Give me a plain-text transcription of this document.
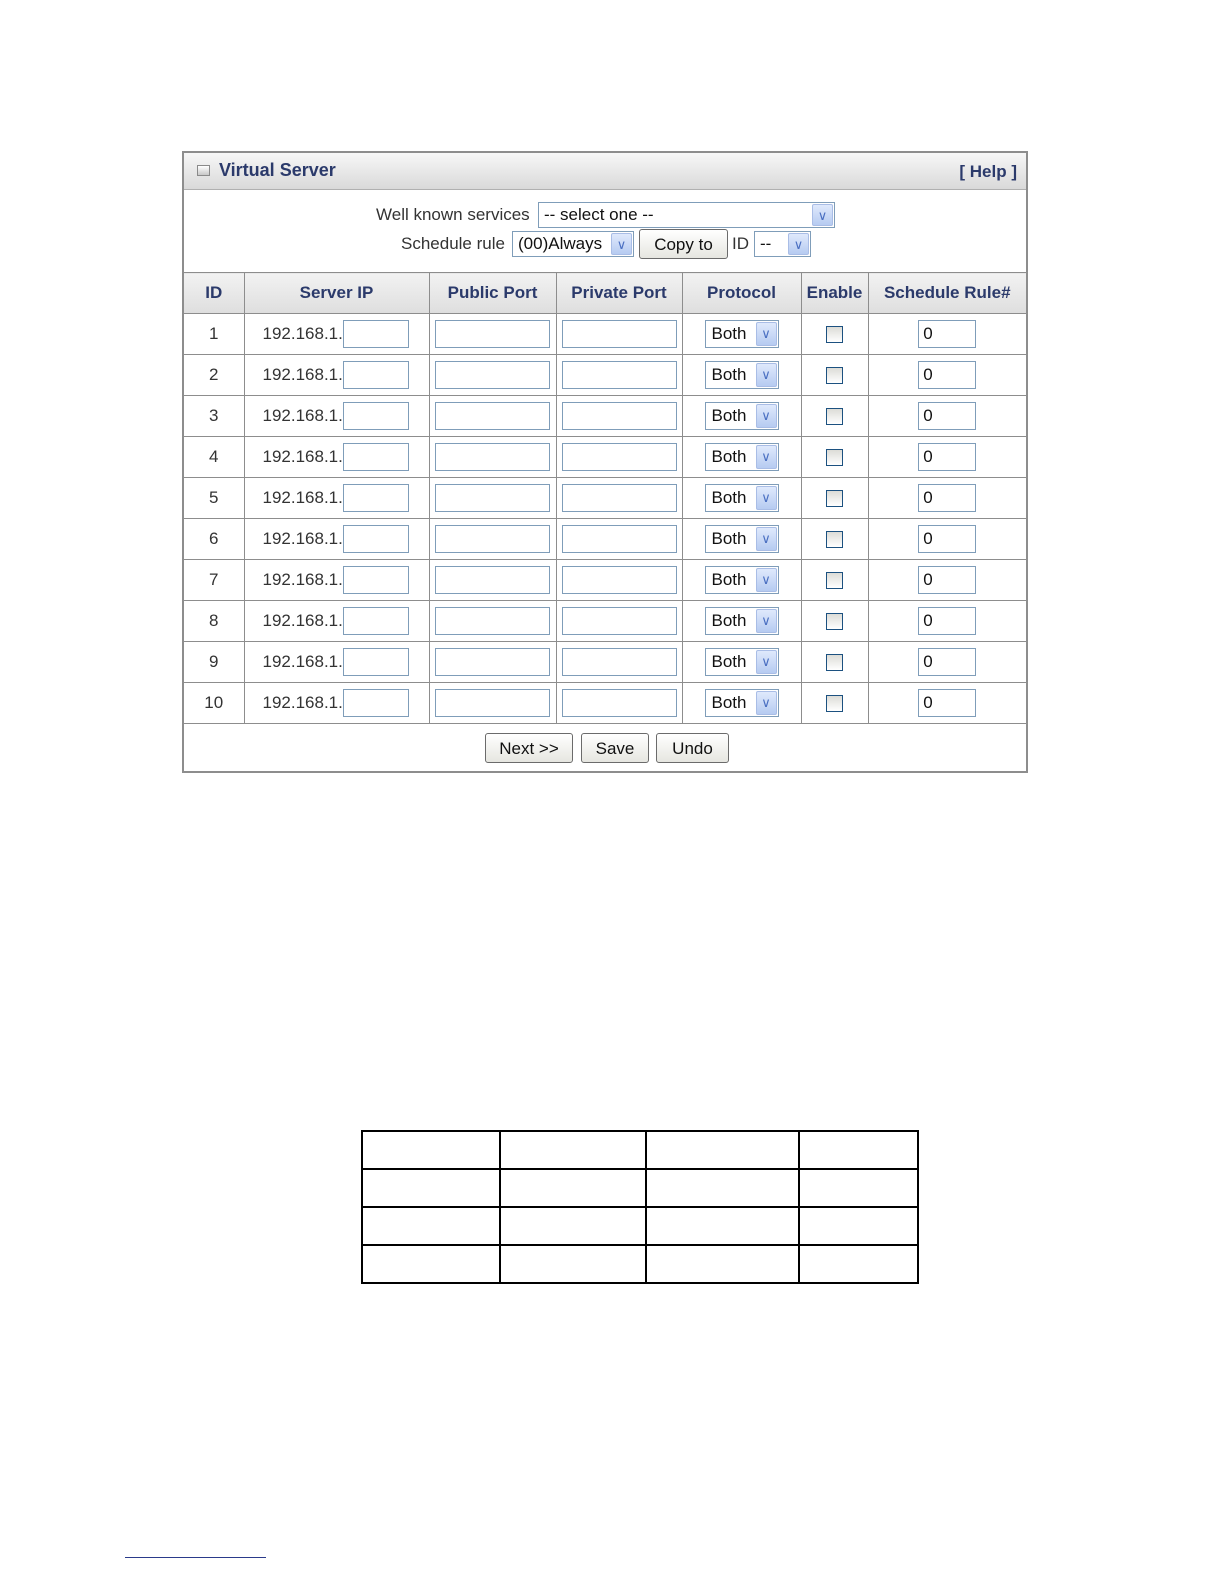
Virtual Server	[ Help ]
Well known services -- select one --	∨
Schedule rule (00)Always	∨	Copy to	ID --	∨
ID	Server IP	Public Port	Private Port	Protocol	Enable	Schedule Rule#
1	192.168.1.			Both ∨		0
2	192.168.1.			Both ∨		0
3	192.168.1.			Both ∨		0
4	192.168.1.			Both ∨		0
5	192.168.1.			Both ∨		0
6	192.168.1.			Both ∨		0
7	192.168.1.			Both ∨		0
8	192.168.1.			Both ∨		0
9	192.168.1.			Both ∨		0
10	192.168.1.			Both ∨		0
Next >>	Save	Undo
